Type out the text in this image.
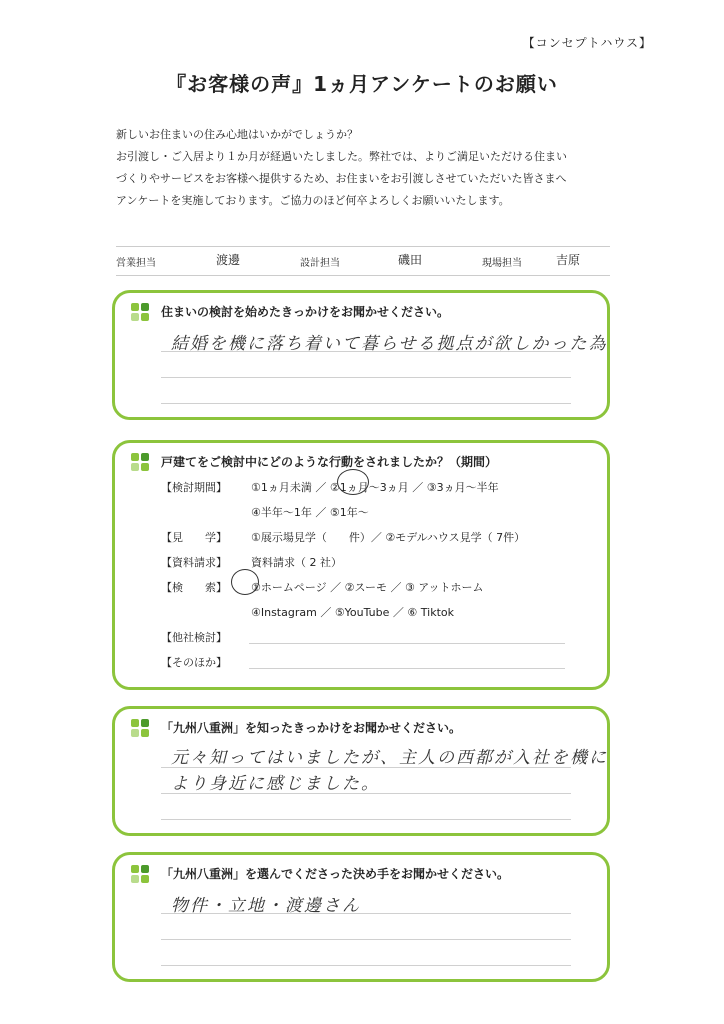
【コンセプトハウス】
『お客様の声』1ヵ月アンケートのお願い
新しいお住まいの住み心地はいかがでしょうか？
お引渡し・ご入居より１か月が経過いたしました。弊社では、よりご満足いただける住まい
づくりやサービスをお客様へ提供するため、お住まいをお引渡しさせていただいた皆さまへ
アンケートを実施しております。ご協力のほど何卒よろしくお願いいたします。
営業担当	渡邊	設計担当	磯田	現場担当	吉原
住まいの検討を始めたきっかけをお聞かせください。
結婚を機に落ち着いて暮らせる拠点が欲しかった為
戸建てをご検討中にどのような行動をされましたか？（期間）
【検討期間】 ①1ヵ月未満 ／ ②1ヵ月〜3ヵ月 ／ ③3ヵ月〜半年
④半年〜1年 ／ ⑤1年〜
【見　　学】 ①展示場見学（　　件）／ ②モデルハウス見学（ 7件）
【資料請求】 資料請求（ 2 社）
【検　　索】 ①ホームページ ／ ②スーモ ／ ③ アットホーム
④Instagram ／ ⑤YouTube ／ ⑥ Tiktok
【他社検討】
【そのほか】
「九州八重洲」を知ったきっかけをお聞かせください。
元々知ってはいましたが、主人の西都が入社を機に
より身近に感じました。
「九州八重洲」を選んでくださった決め手をお聞かせください。
物件・立地・渡邊さん
